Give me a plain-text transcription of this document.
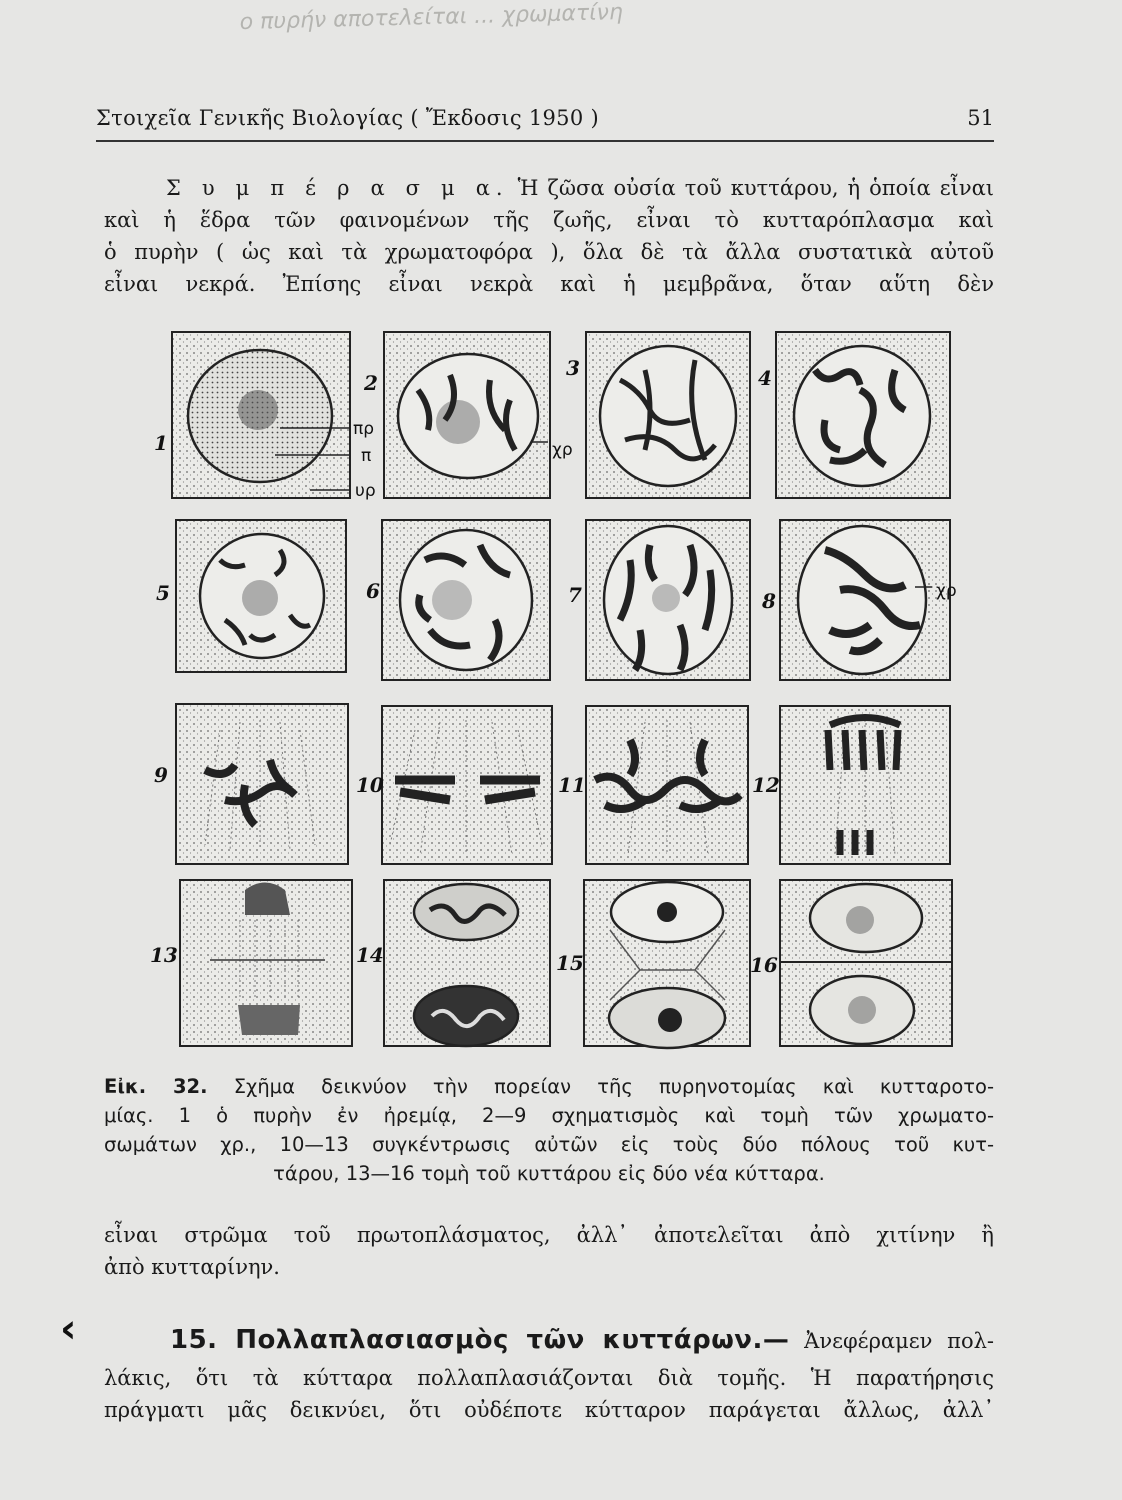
ο πυρήν αποτελείται ... χρωματίνη
Στοιχεῖα Γενικῆς Βιολογίας ( Ἔκδοσις 1950 )	51
Σ υ μ π έ ρ α σ μ α. Ἡ ζῶσα οὐσία τοῦ κυττάρου, ἡ ὁποία εἶναι
καὶ ἡ ἕδρα τῶν φαινομένων τῆς ζωῆς, εἶναι τὸ κυτταρόπλασμα καὶ
ὁ πυρὴν ( ὡς καὶ τὰ χρωματοφόρα ), ὅλα δὲ τὰ ἄλλα συστατικὰ αὐτοῦ
εἶναι νεκρά. Ἐπίσης εἶναι νεκρὰ καὶ ἡ μεμβρᾶνα, ὅταν αὕτη δὲν
1
2
3	4
5	6	7	8
9	10	11	12
13	14	15	16
πρ
π
υρ
χρ
χρ
Εἰκ. 32. Σχῆμα δεικνύον τὴν πορείαν τῆς πυρηνοτομίας καὶ κυτταροτο-
μίας. 1 ὁ πυρὴν ἐν ἠρεμίᾳ, 2—9 σχηματισμὸς καὶ τομὴ τῶν χρωματο-
σωμάτων χρ., 10—13 συγκέντρωσις αὐτῶν εἰς τοὺς δύο πόλους τοῦ κυτ-
τάρου, 13—16 τομὴ τοῦ κυττάρου εἰς δύο νέα κύτταρα.
εἶναι στρῶμα τοῦ πρωτοπλάσματος, ἀλλ᾽ ἀποτελεῖται ἀπὸ χιτίνην ἢ
ἀπὸ κυτταρίνην.
‹	15. Πολλαπλασιασμὸς τῶν κυττάρων.— Ἀνεφέραμεν πολ-
λάκις, ὅτι τὰ κύτταρα πολλαπλασιάζονται διὰ τομῆς. Ἡ παρατήρησις
πράγματι μᾶς δεικνύει, ὅτι οὐδέποτε κύτταρον παράγεται ἄλλως, ἀλλ᾽
